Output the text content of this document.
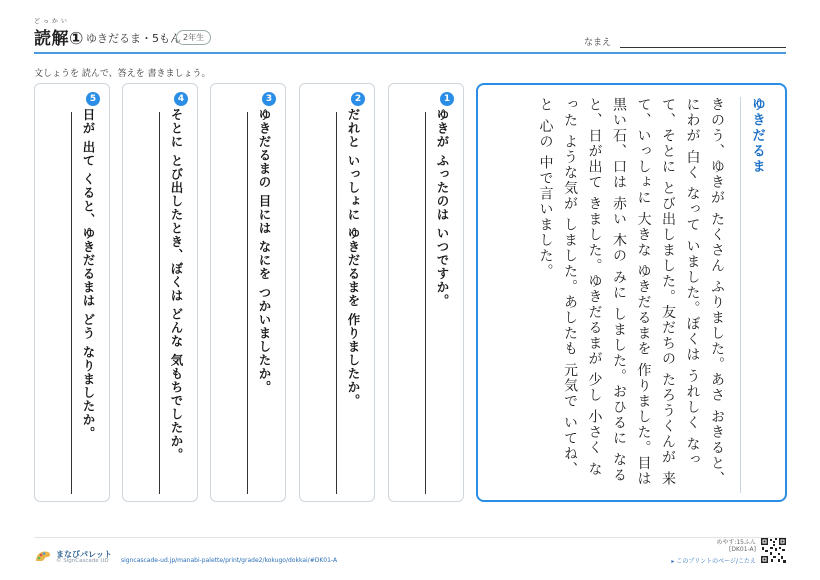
どっかい
読解① ゆきだるま・5もん 2年生
なまえ
文しょうを 読んで、答えを 書きましょう。
5
日が 出て くると、ゆきだるまは どう なりましたか。
4
そとに とび出したとき、ぼくは どんな 気もちでしたか。
3
ゆきだるまの 目には なにを つかいましたか。
2
だれと いっしょに ゆきだるまを 作りましたか。
1
ゆきが ふったのは いつですか。	ゆきだるま
きのう、ゆきが たくさん ふりました。あさ おきると、にわが 白く なって いました。ぼくは うれしく なって、そとに とび出しました。友だちの たろうくんが 来て、いっしょに 大きな ゆきだるまを 作りました。目は 黒い石、口は 赤い 木の みに しました。おひるに なると、日が出て きました。ゆきだるまが 少し 小さく なった ような気が しました。あしたも 元気で いてね、と 心の 中で言いました。
まなびパレット
© SignCascade UD signcascade-ud.jp/manabi-palette/print/grade2/kokugo/dokkai/#DK01-A
めやす:15ふん
[DK01-A]
▸ このプリントのページ/こたえ
